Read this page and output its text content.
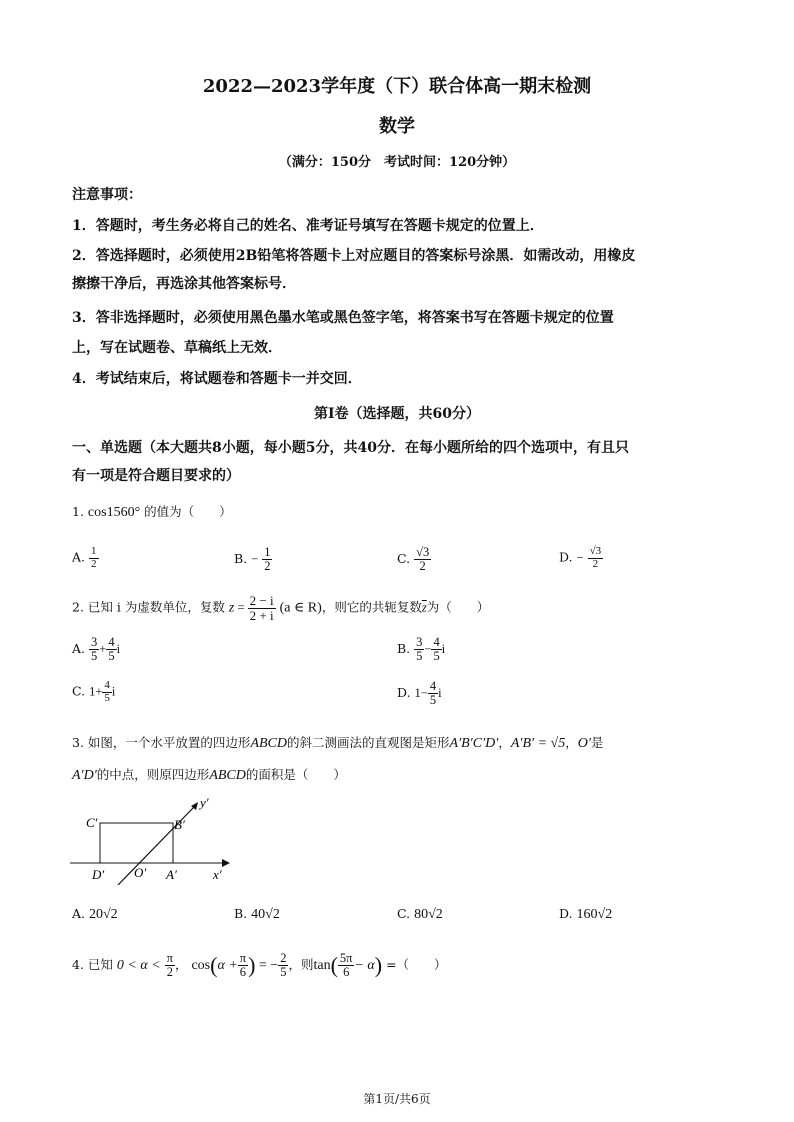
2022—2023学年度（下）联合体高一期末检测
数学
（满分：150分　考试时间：120分钟）
注意事项：
1．答题时，考生务必将自己的姓名、准考证号填写在答题卡规定的位置上．
2．答选择题时，必须使用2B铅笔将答题卡上对应题目的答案标号涂黑．如需改动，用橡皮
擦擦干净后，再选涂其他答案标号．
3．答非选择题时，必须使用黑色墨水笔或黑色签字笔，将答案书写在答题卡规定的位置
上，写在试题卷、草稿纸上无效．
4．考试结束后，将试题卷和答题卡一并交回．
第Ⅰ卷（选择题，共60分）
一、单选题（本大题共8小题，每小题5分，共40分．在每小题所给的四个选项中，有且只
有一项是符合题目要求的）
1. cos1560° 的值为（　　）
A. $\frac{1}{2}$	B. − $\frac{1}{2}$	C. $\frac{√3}{2}$	D. − $\frac{√3}{2}$
2. 已知 i 为虚数单位，复数 $z = \frac{2 - i}{2 + i} (a$ ∈ R)，则它的共轭复数$\overline{z}$为（　　）
A. $\frac{3}{5} + \frac{4}{5}$ i	B. $\frac{3}{5} - \frac{4}{5}$ i
C. $1+ \frac{4}{5}$ i	D. $1- \frac{4}{5}$ i
3. 如图，一个水平放置的四边形ABCD的斜二测画法的直观图是矩形A′B′C′D′，A′B′ = √5，O′是
A′D′的中点，则原四边形ABCD的面积是（　　）
y′
C′	B′
D′ O′ A′	x′
A. 20√2	B. 40√2	C. 80√2	D. 160√2
4. 已知 $0 < \alpha < \frac{\pi}{2}$ ， $\cos(\alpha + \frac{\pi}{6}$ ) = − $\frac{2}{5}$ ，则$\tan( \frac{5\pi}{6} - \alpha)$ =（　　）
第1页/共6页
